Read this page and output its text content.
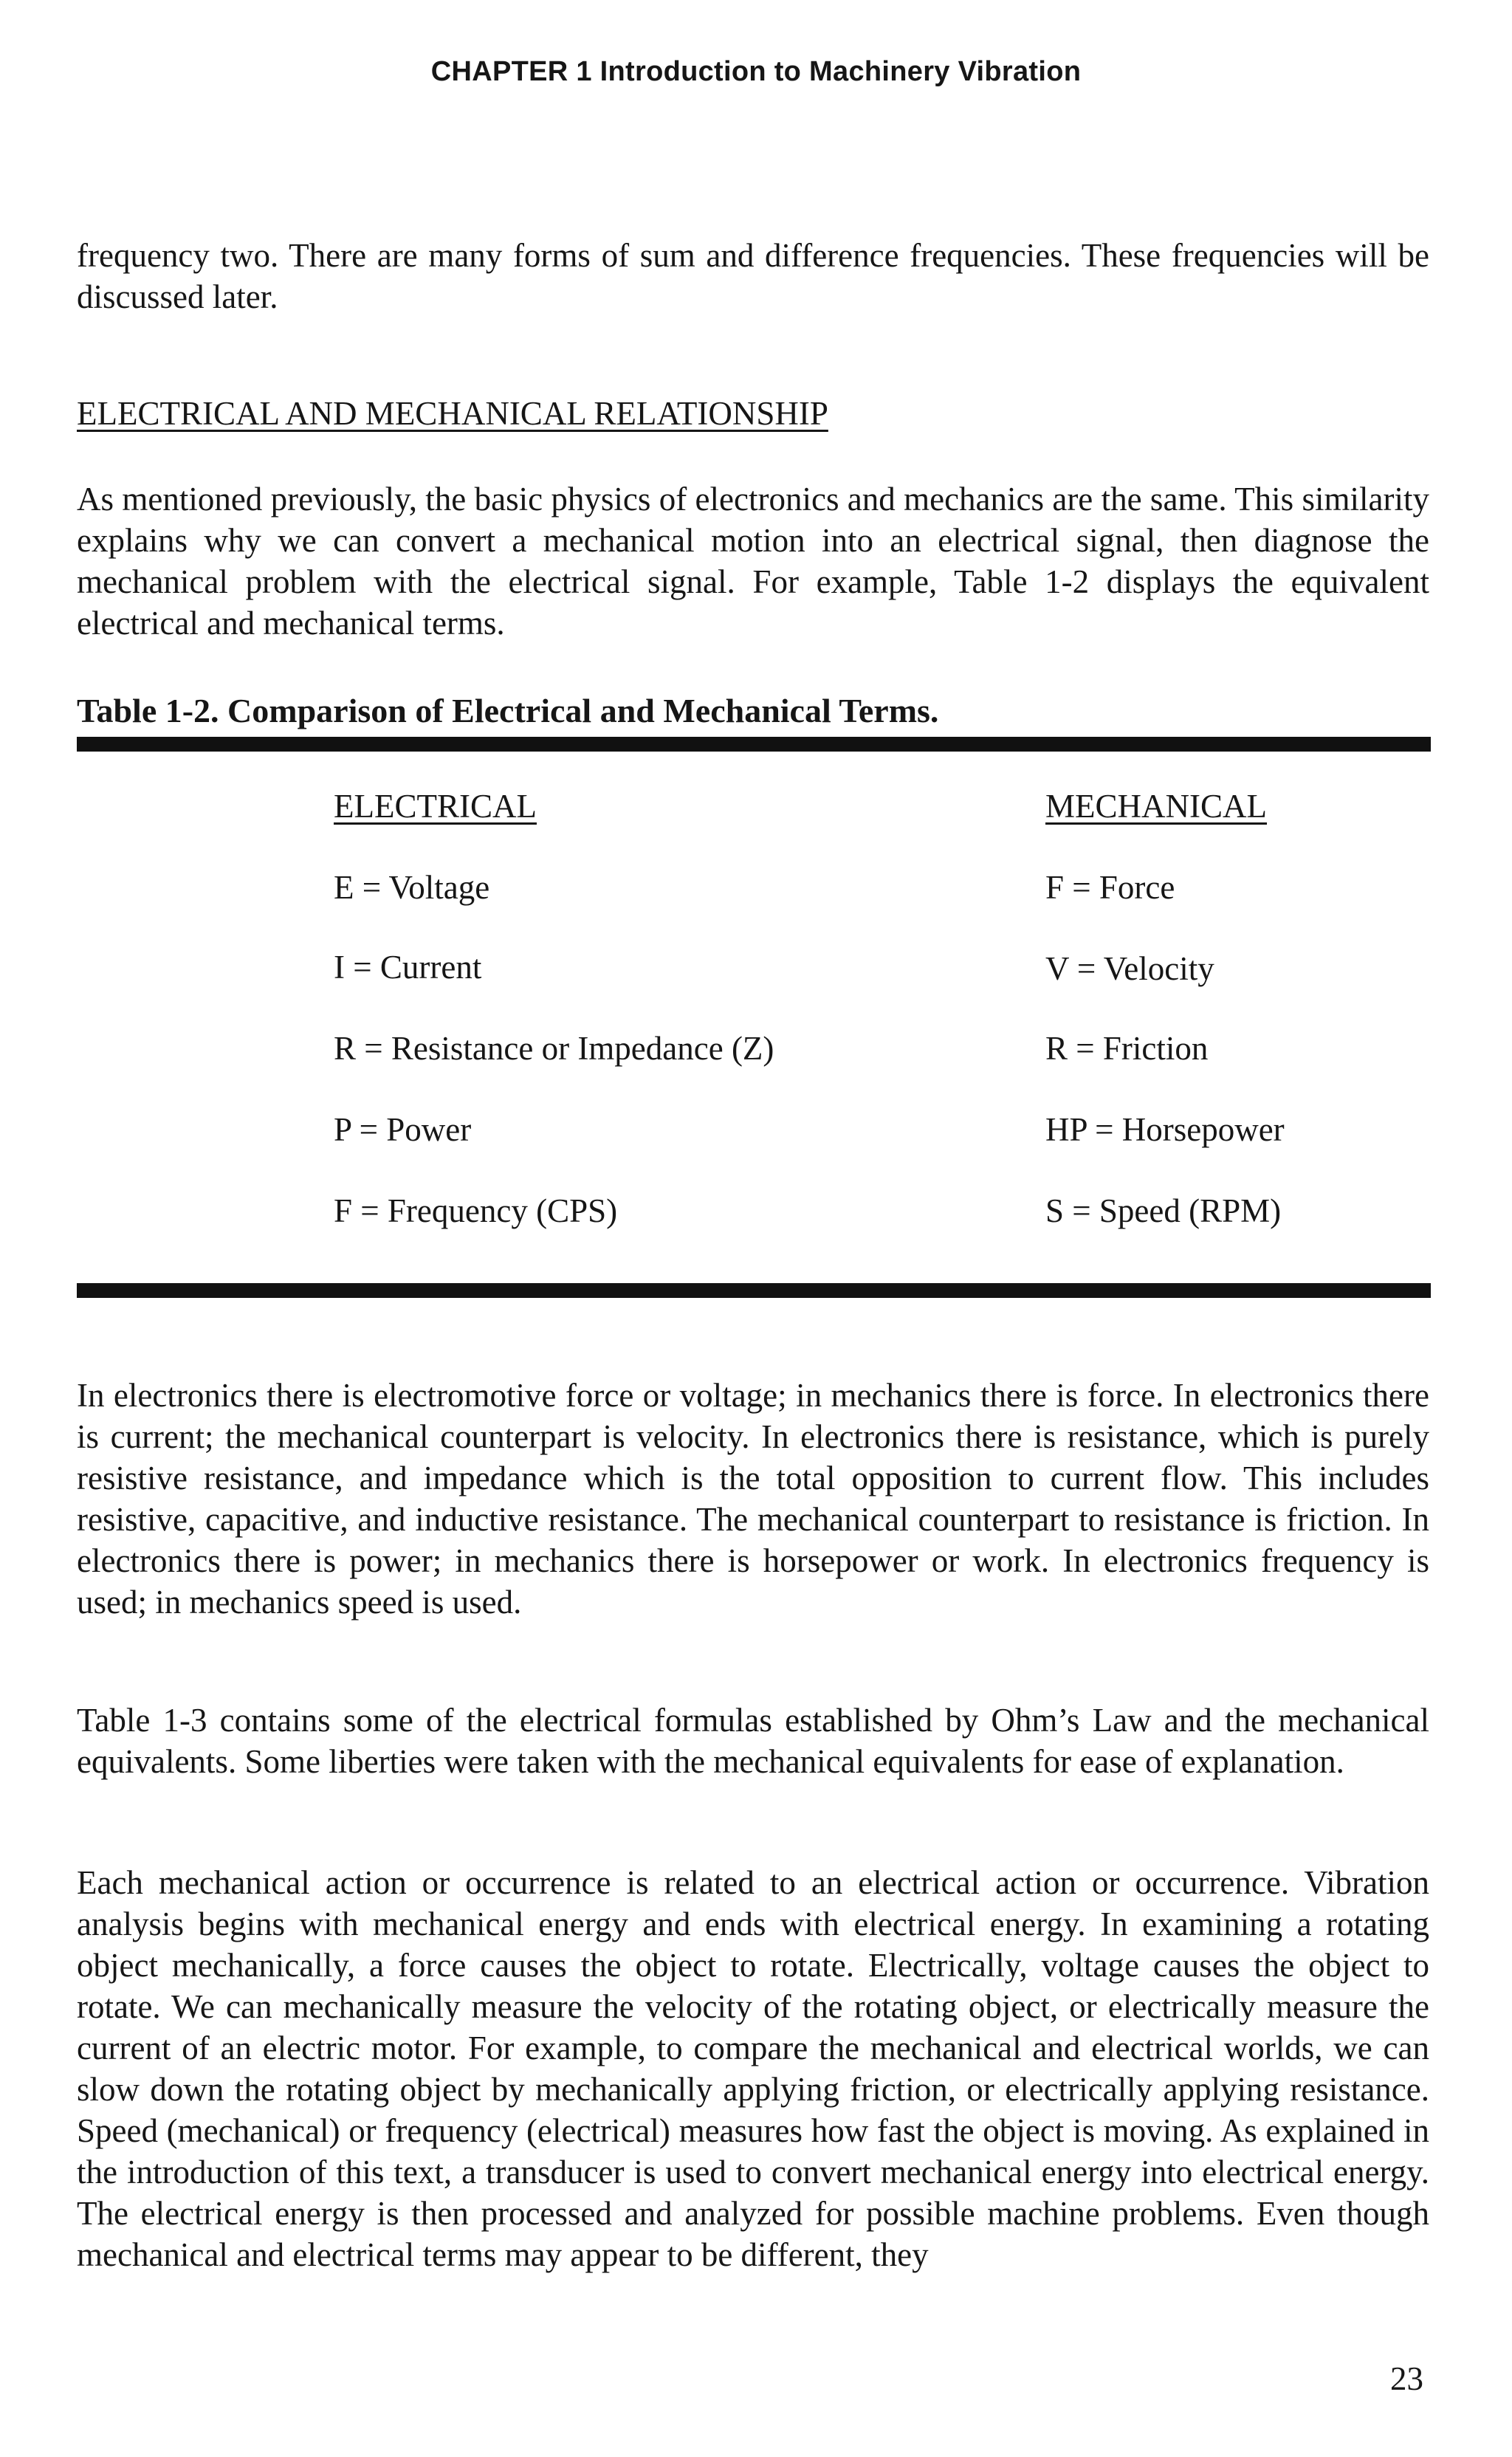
CHAPTER 1 Introduction to Machinery Vibration

frequency two. There are many forms of sum and difference frequencies. These frequencies will be discussed later.

ELECTRICAL AND MECHANICAL RELATIONSHIP

As mentioned previously, the basic physics of electronics and mechanics are the same. This similarity explains why we can convert a mechanical motion into an electrical signal, then diagnose the mechanical problem with the electrical signal. For example, Table 1-2 displays the equivalent electrical and mechanical terms.

Table 1-2. Comparison of Electrical and Mechanical Terms.
ELECTRICAL	MECHANICAL
E = Voltage	F = Force
I = Current	V = Velocity
R = Resistance or Impedance (Z)	R = Friction
P = Power	HP = Horsepower
F = Frequency (CPS)	S = Speed (RPM)

In electronics there is electromotive force or voltage; in mechanics there is force. In electronics there is current; the mechanical counterpart is velocity. In electronics there is resistance, which is purely resistive resistance, and impedance which is the total opposition to current flow. This includes resistive, capacitive, and inductive resistance. The mechanical counterpart to resistance is friction. In electronics there is power; in mechanics there is horsepower or work. In electronics frequency is used; in mechanics speed is used.

Table 1-3 contains some of the electrical formulas established by Ohm’s Law and the mechanical equivalents. Some liberties were taken with the mechanical equivalents for ease of explanation.

Each mechanical action or occurrence is related to an electrical action or occurrence. Vibration analysis begins with mechanical energy and ends with electrical energy. In examining a rotating object mechanically, a force causes the object to rotate. Electrically, voltage causes the object to rotate. We can mechanically measure the velocity of the rotating object, or electrically measure the current of an electric motor. For example, to compare the mechanical and electrical worlds, we can slow down the rotating object by mechanically applying friction, or electrically applying resistance. Speed (mechanical) or frequency (electrical) measures how fast the object is moving. As explained in the introduction of this text, a transducer is used to convert mechanical energy into electrical energy. The electrical energy is then processed and analyzed for possible machine problems. Even though mechanical and electrical terms may appear to be different, they

23
